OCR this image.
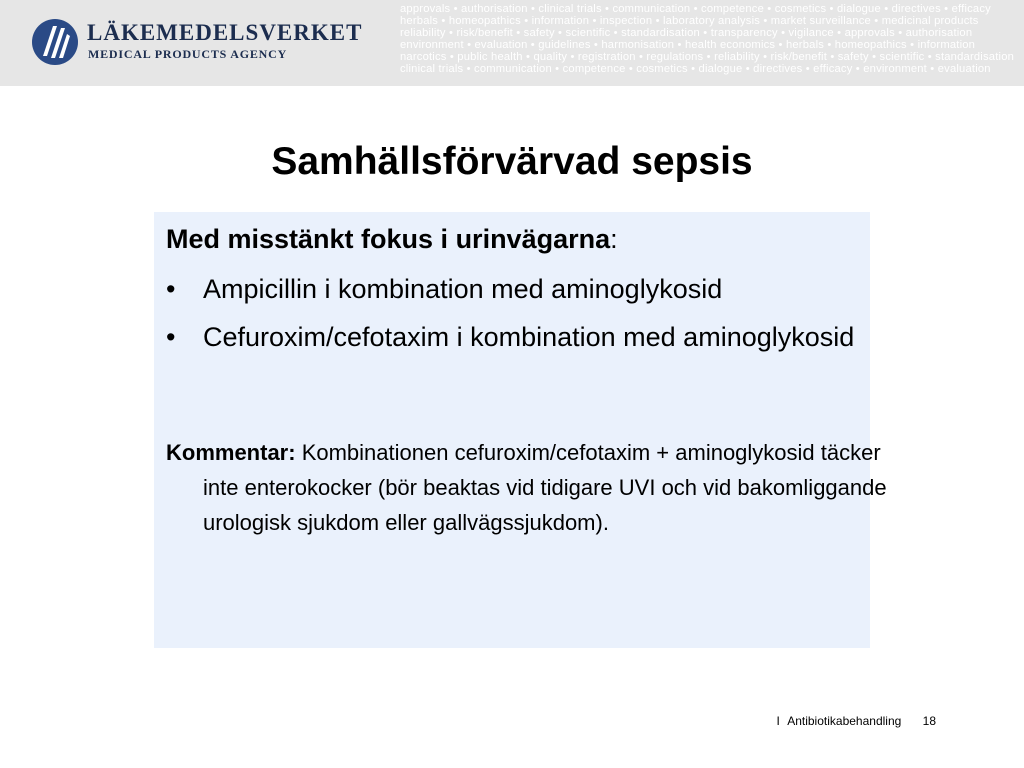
LÄKEMEDELSVERKET
MEDICAL PRODUCTS AGENCY
approvals • authorisation • clinical trials • communication • competence • cosmetics • dialogue • directives • efficacy
herbals • homeopathics • information • inspection • laboratory analysis • market surveillance • medicinal products
reliability • risk/benefit • safety • scientific • standardisation • transparency • vigilance • approvals • authorisation
environment • evaluation • guidelines • harmonisation • health economics • herbals • homeopathics • information
narcotics • public health • quality • registration • regulations • reliability • risk/benefit • safety • scientific • standardisation
clinical trials • communication • competence • cosmetics • dialogue • directives • efficacy • environment • evaluation
Samhällsförvärvad sepsis
Med misstänkt fokus i urinvägarna:
• Ampicillin i kombination med aminoglykosid
• Cefuroxim/cefotaxim i kombination med aminoglykosid
Kommentar: Kombinationen cefuroxim/cefotaxim + aminoglykosid täcker inte enterokocker (bör beaktas vid tidigare UVI och vid bakomliggande urologisk sjukdom eller gallvägssjukdom).
I Antibiotikabehandling 18
